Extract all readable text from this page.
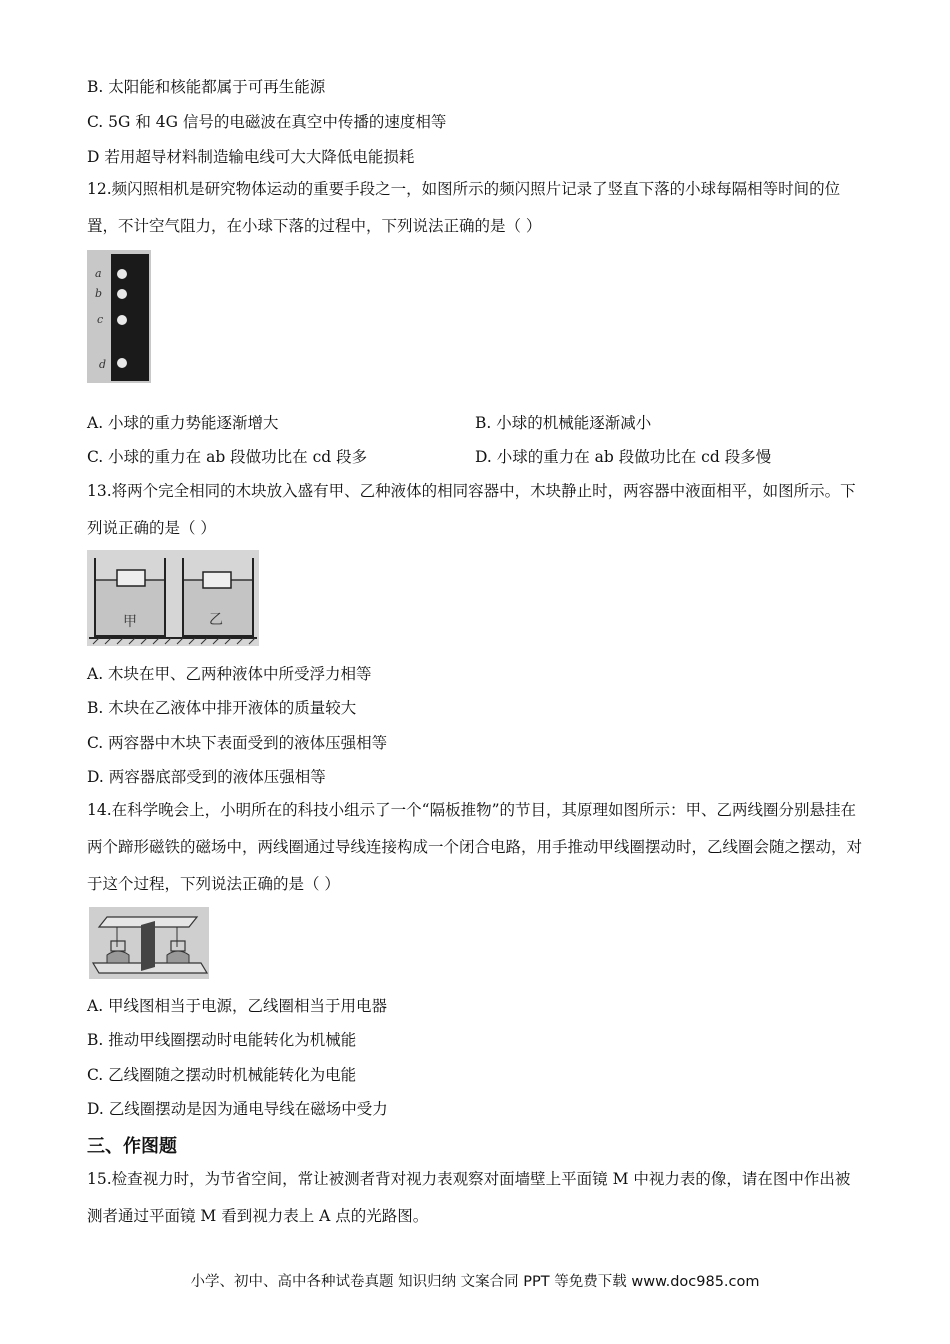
B. 太阳能和核能都属于可再生能源
C. 5G 和 4G 信号的电磁波在真空中传播的速度相等
D 若用超导材料制造输电线可大大降低电能损耗
12.频闪照相机是研究物体运动的重要手段之一，如图所示的频闪照片记录了竖直下落的小球每隔相等时间的位置，不计空气阻力，在小球下落的过程中，下列说法正确的是（ ）
a
b
c
d
A. 小球的重力势能逐渐增大	B. 小球的机械能逐渐减小
C. 小球的重力在 ab 段做功比在 cd 段多	D. 小球的重力在 ab 段做功比在 cd 段多慢
13.将两个完全相同的木块放入盛有甲、乙种液体的相同容器中，木块静止时，两容器中液面相平，如图所示。下列说正确的是（ ）
甲	乙
A. 木块在甲、乙两种液体中所受浮力相等
B. 木块在乙液体中排开液体的质量较大
C. 两容器中木块下表面受到的液体压强相等
D. 两容器底部受到的液体压强相等
14.在科学晚会上，小明所在的科技小组示了一个“隔板推物”的节目，其原理如图所示：甲、乙两线圈分别悬挂在两个蹄形磁铁的磁场中，两线圈通过导线连接构成一个闭合电路，用手推动甲线圈摆动时，乙线圈会随之摆动，对于这个过程，下列说法正确的是（ ）
A. 甲线图相当于电源，乙线圈相当于用电器
B. 推动甲线圈摆动时电能转化为机械能
C. 乙线圈随之摆动时机械能转化为电能
D. 乙线圈摆动是因为通电导线在磁场中受力
三、作图题
15.检查视力时，为节省空间，常让被测者背对视力表观察对面墙壁上平面镜 M 中视力表的像，请在图中作出被测者通过平面镜 M 看到视力表上 A 点的光路图。
小学、初中、高中各种试卷真题 知识归纳 文案合同 PPT 等免费下载 www.doc985.com
